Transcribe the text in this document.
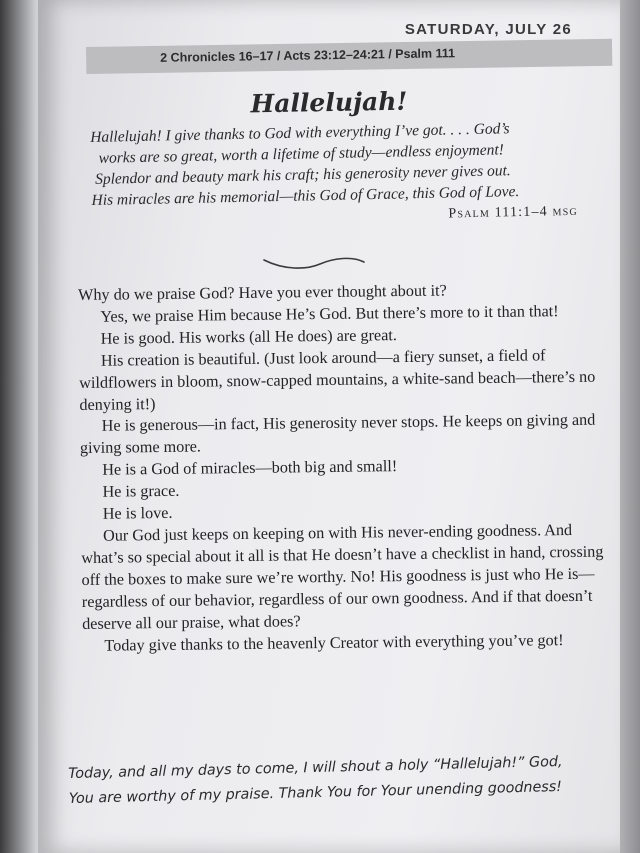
SATURDAY, JULY 26
2 Chronicles 16–17 / Acts 23:12–24:21 / Psalm 111
Hallelujah!
Hallelujah! I give thanks to God with everything I’ve got. . . . God’s
works are so great, worth a lifetime of study—endless enjoyment!
Splendor and beauty mark his craft; his generosity never gives out.
His miracles are his memorial—this God of Grace, this God of Love.
Psalm 111:1–4 msg

Why do we praise God? Have you ever thought about it?

Yes, we praise Him because He’s God. But there’s more to it than that!

He is good. His works (all He does) are great.

His creation is beautiful. (Just look around—a fiery sunset, a field of wildflowers in bloom, snow-capped mountains, a white-sand beach—there’s no denying it!)

He is generous—in fact, His generosity never stops. He keeps on giving and giving some more.

He is a God of miracles—both big and small!

He is grace.

He is love.

Our God just keeps on keeping on with His never-ending goodness. And what’s so special about it all is that He doesn’t have a checklist in hand, crossing off the boxes to make sure we’re worthy. No! His goodness is just who He is—regardless of our behavior, regardless of our own goodness. And if that doesn’t deserve all our praise, what does?

Today give thanks to the heavenly Creator with everything you’ve got!

Today, and all my days to come, I will shout a holy “Hallelujah!” God,
You are worthy of my praise. Thank You for Your unending goodness!
